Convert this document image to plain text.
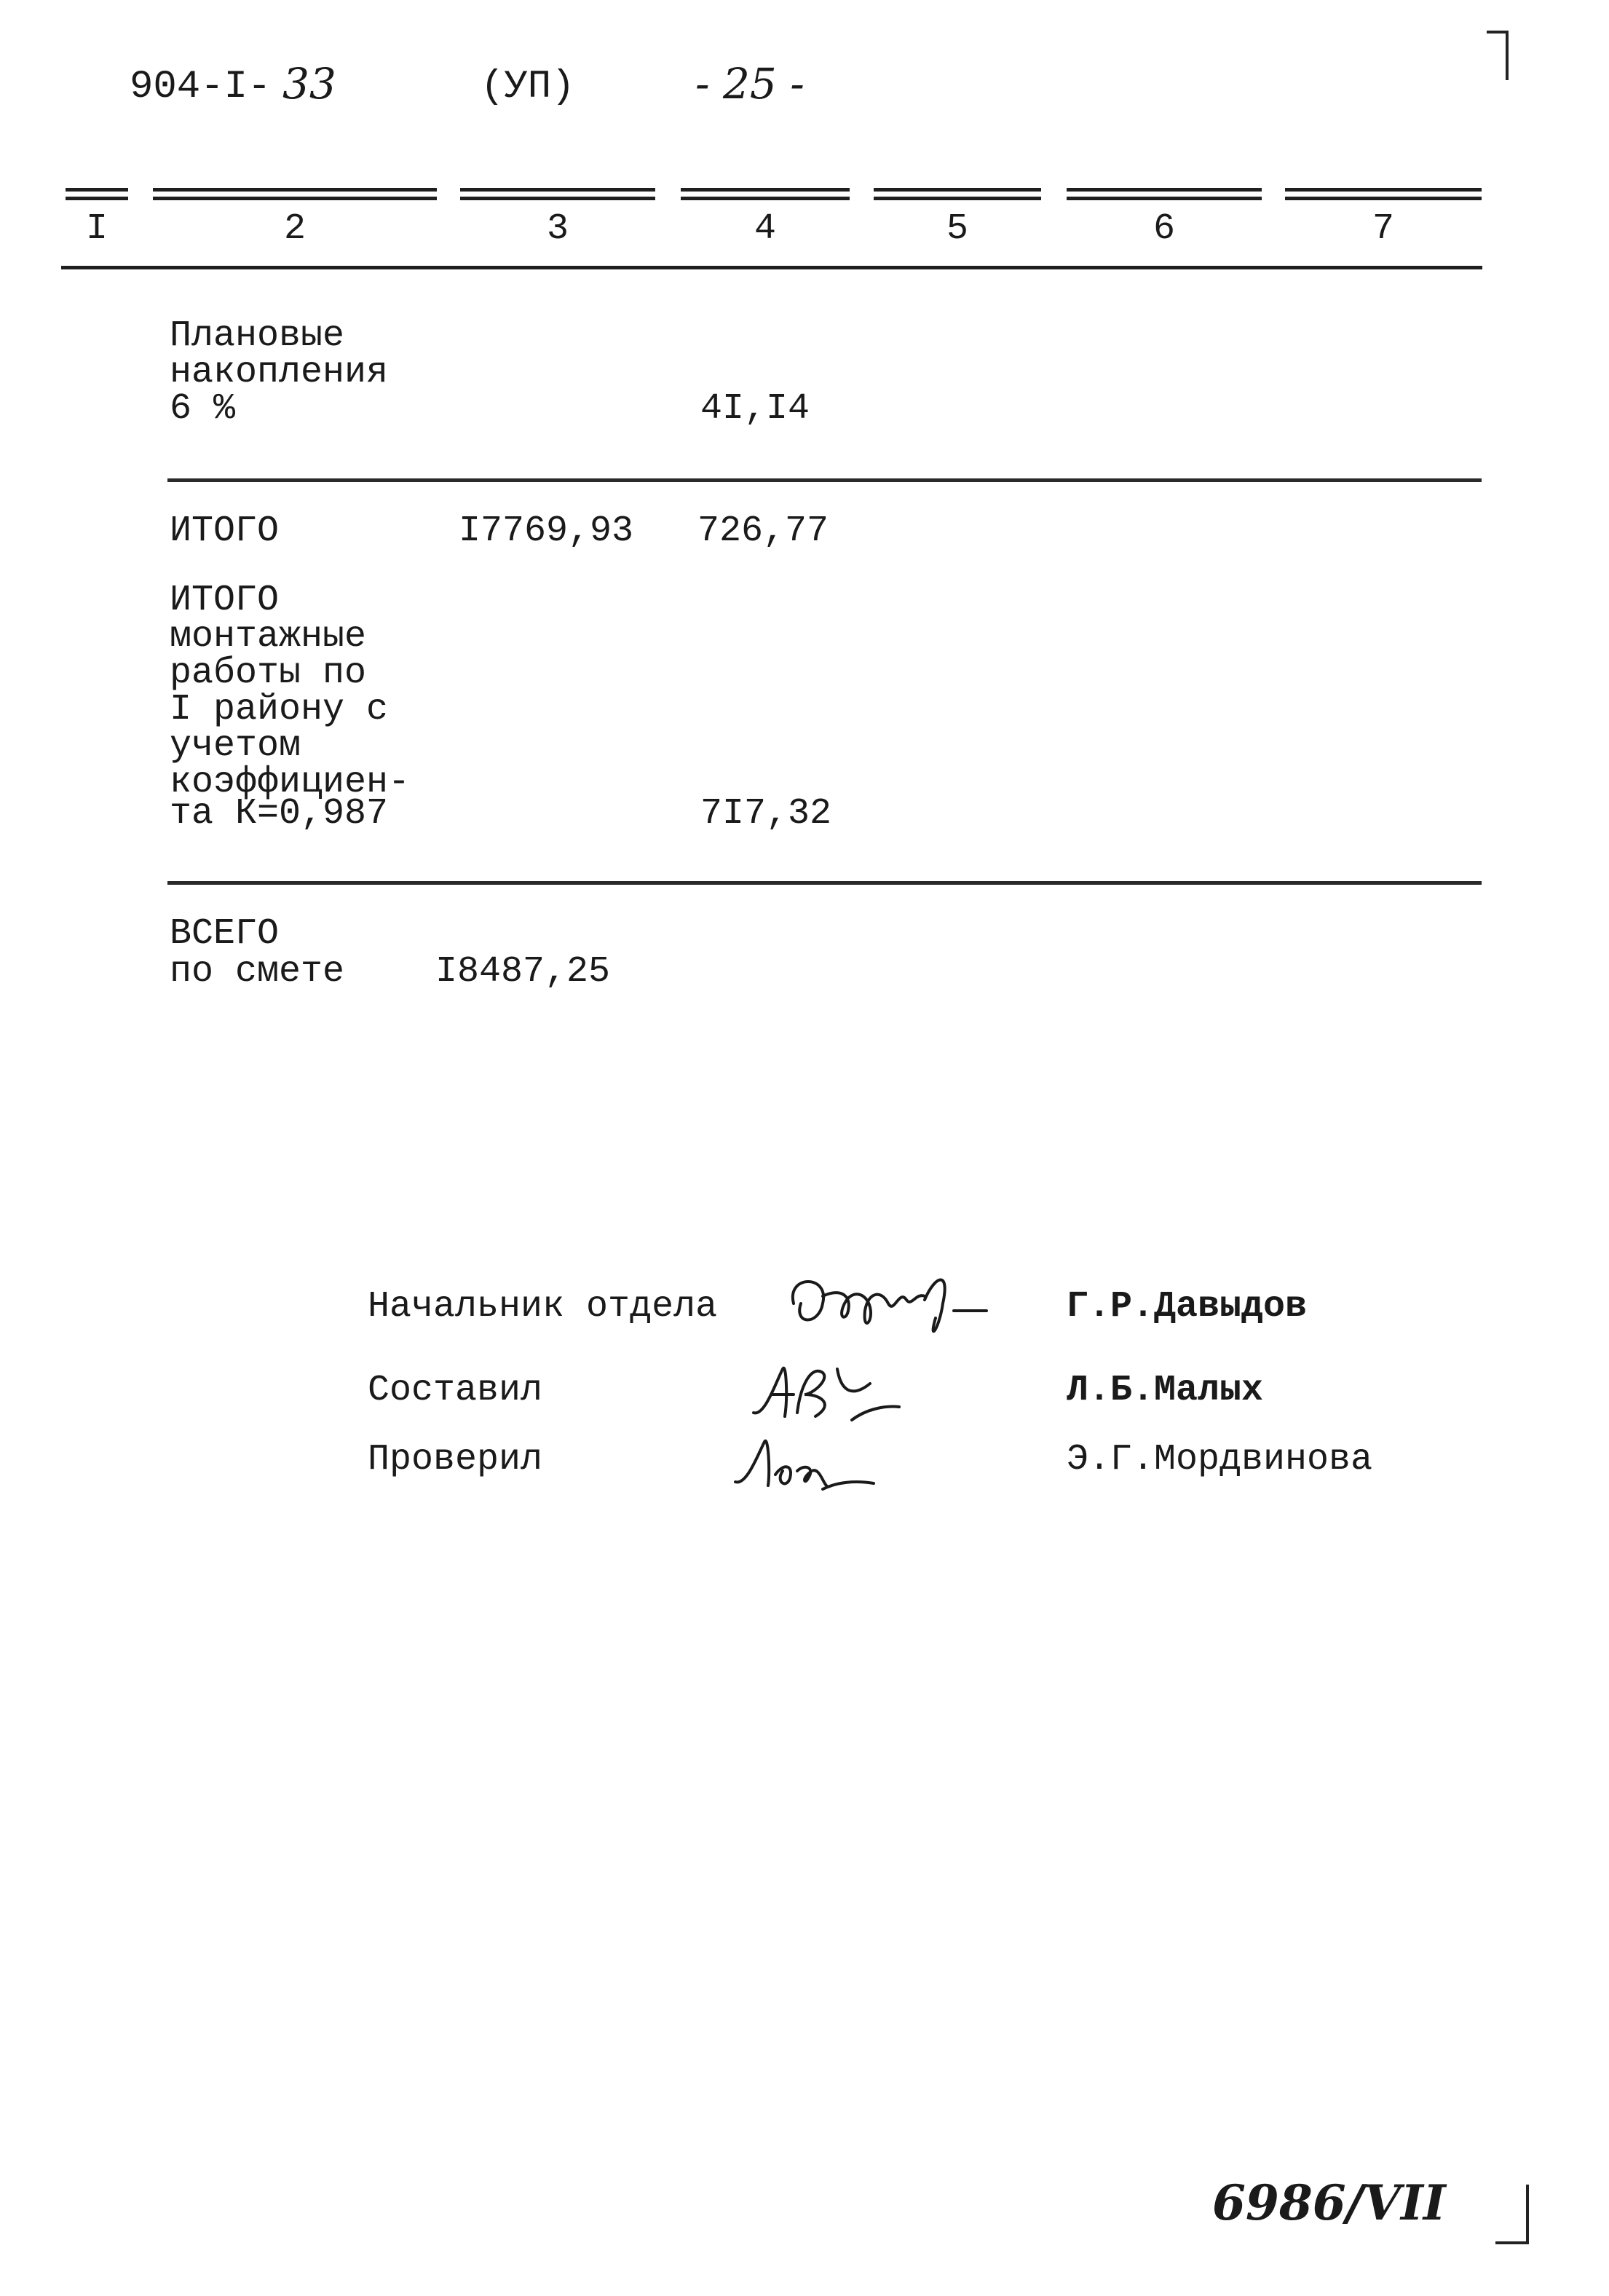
904-I- 33	(УП)	- 25 -
I	2	3	4	5	6	7
Плановые
накопления
6 %	4I,I4
ИТОГО	I7769,93 726,77
ИТОГО
монтажные
работы по
I району с
учетом
коэффициен-
та К=0,987	7I7,32
ВСЕГО
по смете I8487,25
Начальник отдела	Г.Р.Давыдов
Составил	Л.Б.Малых
Проверил	Э.Г.Мордвинова
6986/VII
